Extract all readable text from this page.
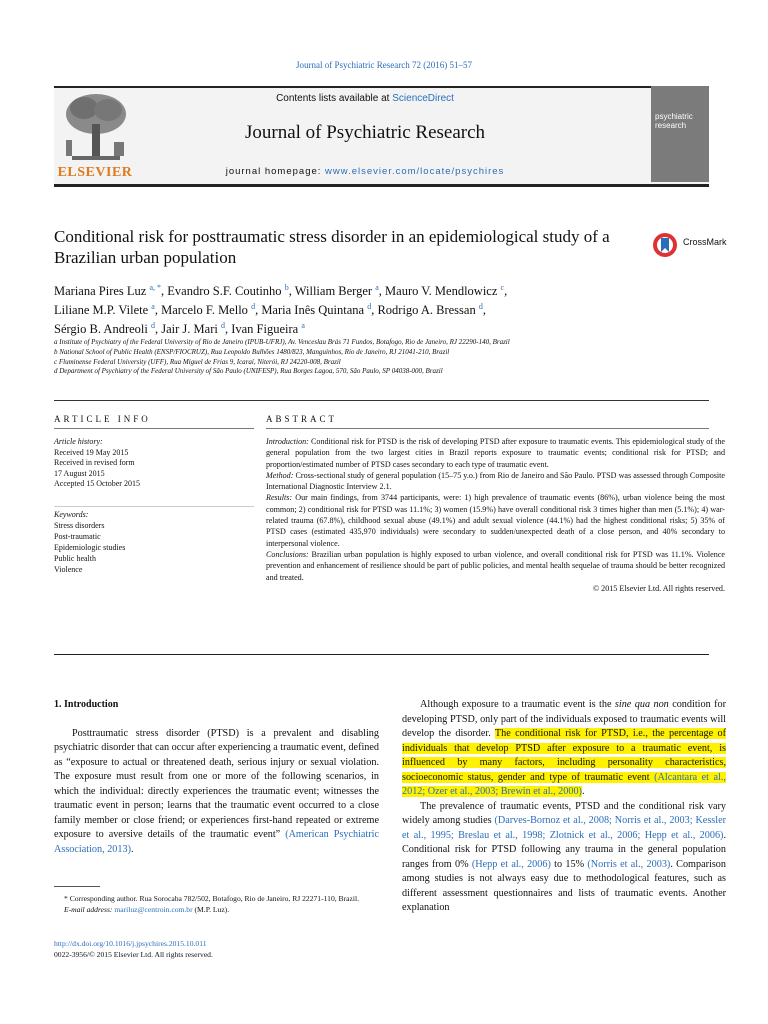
Journal of Psychiatric Research 72 (2016) 51–57
ELSEVIER
Contents lists available at ScienceDirect
Journal of Psychiatric Research
journal homepage: www.elsevier.com/locate/psychires
psychiatric research
Conditional risk for posttraumatic stress disorder in an epidemiological study of a Brazilian urban population
CrossMark
Mariana Pires Luz $^{a, *}$, Evandro S.F. Coutinho $^b$, William Berger $^a$, Mauro V. Mendlowicz $^c$,
Liliane M.P. Vilete $^a$, Marcelo F. Mello $^d$, Maria Inês Quintana $^d$, Rodrigo A. Bressan $^d$,
Sérgio B. Andreoli $^d$, Jair J. Mari $^d$, Ivan Figueira $^a$
a Institute of Psychiatry of the Federal University of Rio de Janeiro (IPUB-UFRJ), Av. Venceslau Brás 71 Fundos, Botafogo, Rio de Janeiro, RJ 22290-140, Brazil
b National School of Public Health (ENSP/FIOCRUZ), Rua Leopoldo Bulhões 1480/823, Manguinhos, Rio de Janeiro, RJ 21041-210, Brazil
c Fluminense Federal University (UFF), Rua Miguel de Frias 9, Icaraí, Niterói, RJ 24220-008, Brazil
d Department of Psychiatry of the Federal University of São Paulo (UNIFESP), Rua Borges Lagoa, 570, São Paulo, SP 04038-000, Brazil
ARTICLE INFO	ABSTRACT
Article history:
Received 19 May 2015
Received in revised form
17 August 2015
Accepted 15 October 2015
Keywords:
Stress disorders
Post-traumatic
Epidemiologic studies
Public health
Violence

Introduction: Conditional risk for PTSD is the risk of developing PTSD after exposure to traumatic events. This epidemiological study of the general population from the two largest cities in Brazil reports exposure to traumatic events; conditional risk for PTSD; and proportion/estimated number of PTSD cases secondary to each type of traumatic event.

Method: Cross-sectional study of general population (15–75 y.o.) from Rio de Janeiro and São Paulo. PTSD was assessed through Composite International Diagnostic Interview 2.1.

Results: Our main findings, from 3744 participants, were: 1) high prevalence of traumatic events (86%), urban violence being the most common; 2) conditional risk for PTSD was 11.1%; 3) women (15.9%) have overall conditional risk 3 times higher than men (5.1%); 4) war-related trauma (67.8%), childhood sexual abuse (49.1%) and adult sexual violence (44.1%) had the highest conditional risks; 5) 35% of PTSD cases (estimated 435,970 individuals) were secondary to sudden/unexpected death of a close person, and 40% secondary to interpersonal violence.

Conclusions: Brazilian urban population is highly exposed to urban violence, and overall conditional risk for PTSD was 11.1%. Violence prevention and enhancement of resilience should be part of public policies, and mental health sequelae of trauma should be better recognized and treated.

© 2015 Elsevier Ltd. All rights reserved.

1. Introduction

Posttraumatic stress disorder (PTSD) is a prevalent and disabling psychiatric disorder that can occur after experiencing a traumatic event, defined as “exposure to actual or threatened death, serious injury or sexual violation. The exposure must result from one or more of the following scenarios, in which the individual: directly experiences the traumatic event; witnesses the traumatic event in person; learns that the traumatic event occurred to a close family member or close friend; or experiences first-hand repeated or extreme exposure to aversive details of the traumatic event” (American Psychiatric Association, 2013).

* Corresponding author. Rua Sorocaba 782/502, Botafogo, Rio de Janeiro, RJ 22271-110, Brazil.
E-mail address: mariluz@centroin.com.br (M.P. Luz).
http://dx.doi.org/10.1016/j.jpsychires.2015.10.011
0022-3956/© 2015 Elsevier Ltd. All rights reserved.

Although exposure to a traumatic event is the sine qua non condition for developing PTSD, only part of the individuals exposed to traumatic events will develop the disorder. The conditional risk for PTSD, i.e., the percentage of individuals that develop PTSD after exposure to a traumatic event, is influenced by many factors, including personality characteristics, socioeconomic status, gender and type of traumatic event (Alcantara et al., 2012; Ozer et al., 2003; Brewin et al., 2000).

The prevalence of traumatic events, PTSD and the conditional risk vary widely among studies (Darves-Bornoz et al., 2008; Norris et al., 2003; Kessler et al., 1995; Breslau et al., 1998; Zlotnick et al., 2006; Hepp et al., 2006). Conditional risk for PTSD following any trauma in the general population ranges from 0% (Hepp et al., 2006) to 15% (Norris et al., 2003). Comparison among studies is not always easy due to methodological features, such as different assessment questionnaires and lists of traumatic events. Another explanation
